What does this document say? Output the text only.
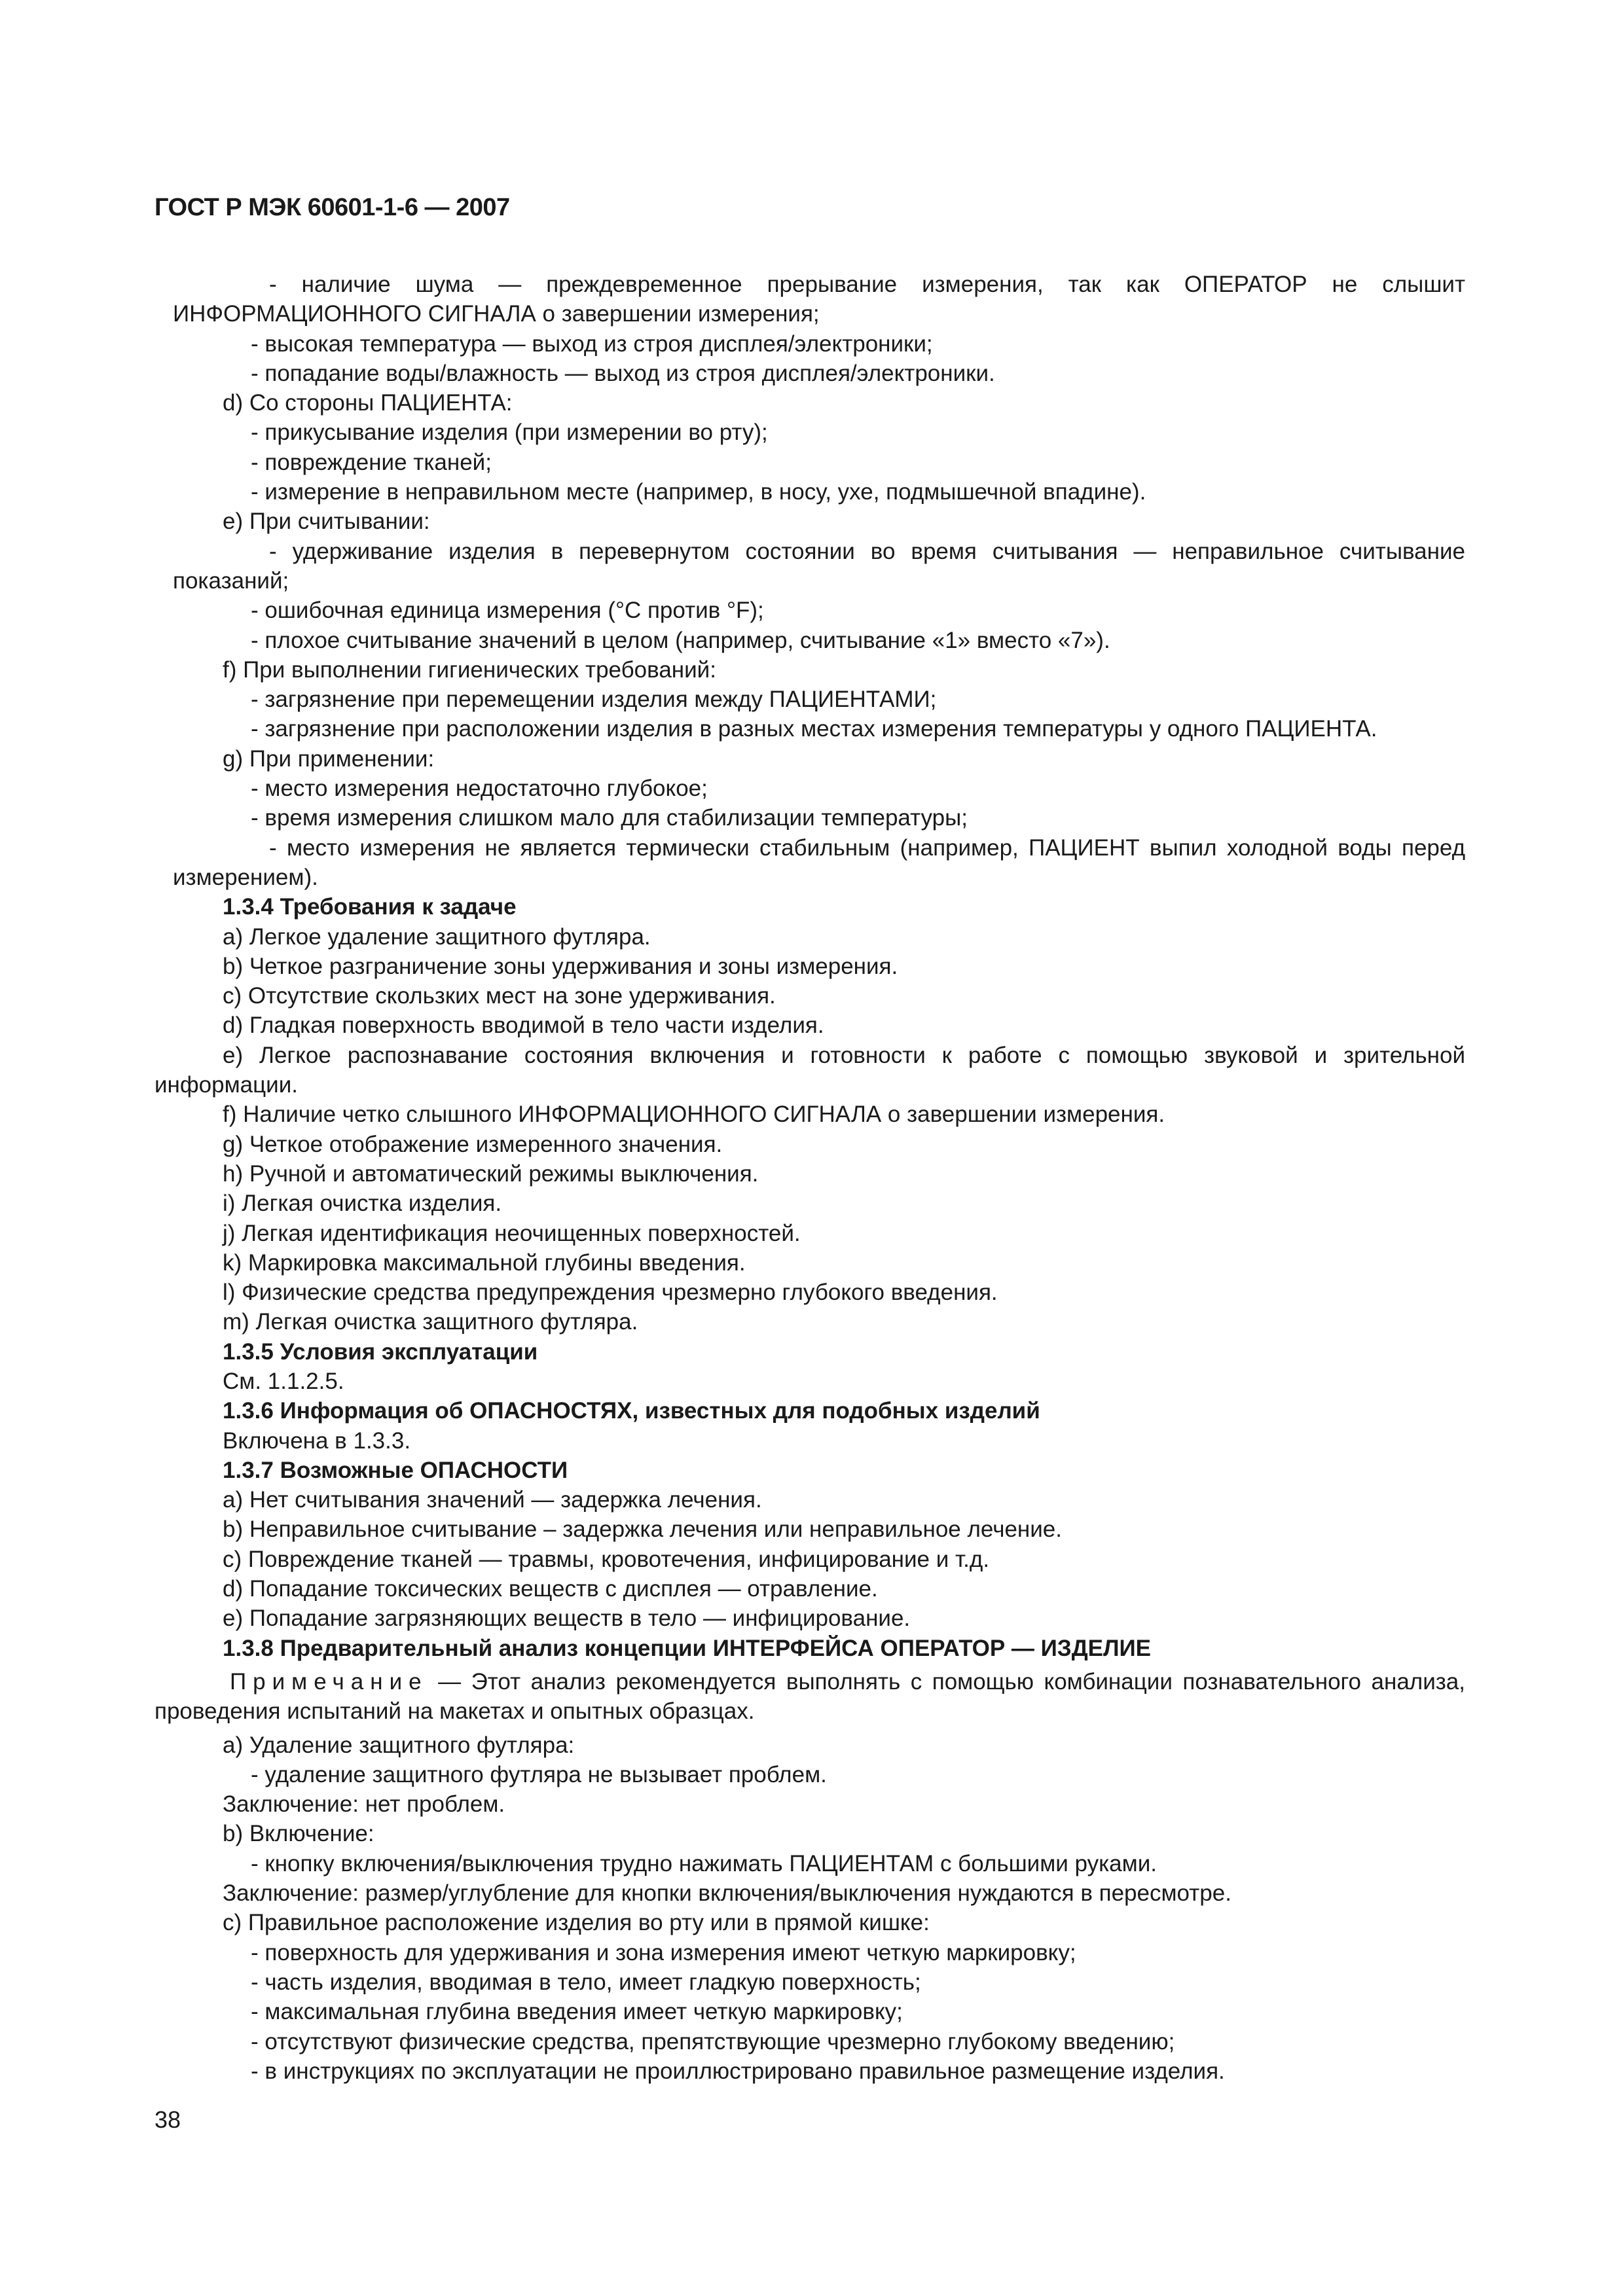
ГОСТ Р МЭК 60601-1-6 — 2007

- наличие шума — преждевременное прерывание измерения, так как ОПЕРАТОР не слышит ИНФОРМАЦИОННОГО СИГНАЛА о завершении измерения;

- высокая температура — выход из строя дисплея/электроники;

- попадание воды/влажность — выход из строя дисплея/электроники.

d) Со стороны ПАЦИЕНТА:

- прикусывание изделия (при измерении во рту);

- повреждение тканей;

- измерение в неправильном месте (например, в носу, ухе, подмышечной впадине).

е) При считывании:

- удерживание изделия в перевернутом состоянии во время считывания — неправильное считывание показаний;

- ошибочная единица измерения (°С против °F);

- плохое считывание значений в целом (например, считывание «1» вместо «7»).

f) При выполнении гигиенических требований:

- загрязнение при перемещении изделия между ПАЦИЕНТАМИ;

- загрязнение при расположении изделия в разных местах измерения температуры у одного ПАЦИЕНТА.

g) При применении:

- место измерения недостаточно глубокое;

- время измерения слишком мало для стабилизации температуры;

- место измерения не является термически стабильным (например, ПАЦИЕНТ выпил холодной воды перед измерением).

1.3.4 Требования к задаче

а) Легкое удаление защитного футляра.

b) Четкое разграничение зоны удерживания и зоны измерения.

с) Отсутствие скользких мест на зоне удерживания.

d) Гладкая поверхность вводимой в тело части изделия.

е) Легкое распознавание состояния включения и готовности к работе с помощью звуковой и зрительной информации.

f) Наличие четко слышного ИНФОРМАЦИОННОГО СИГНАЛА о завершении измерения.

g) Четкое отображение измеренного значения.

h) Ручной и автоматический режимы выключения.

i) Легкая очистка изделия.

j) Легкая идентификация неочищенных поверхностей.

k) Маркировка максимальной глубины введения.

l) Физические средства предупреждения чрезмерно глубокого введения.

m) Легкая очистка защитного футляра.

1.3.5 Условия эксплуатации

См. 1.1.2.5.

1.3.6 Информация об ОПАСНОСТЯХ, известных для подобных изделий

Включена в 1.3.3.

1.3.7 Возможные ОПАСНОСТИ

а) Нет считывания значений — задержка лечения.

b) Неправильное считывание – задержка лечения или неправильное лечение.

с) Повреждение тканей — травмы, кровотечения, инфицирование и т.д.

d) Попадание токсических веществ с дисплея — отравление.

е) Попадание загрязняющих веществ в тело — инфицирование.

1.3.8 Предварительный анализ концепции ИНТЕРФЕЙСА ОПЕРАТОР — ИЗДЕЛИЕ

Примечание — Этот анализ рекомендуется выполнять с помощью комбинации познавательного анализа, проведения испытаний на макетах и опытных образцах.

а) Удаление защитного футляра:

- удаление защитного футляра не вызывает проблем.

Заключение: нет проблем.

b) Включение:

- кнопку включения/выключения трудно нажимать ПАЦИЕНТАМ с большими руками.

Заключение: размер/углубление для кнопки включения/выключения нуждаются в пересмотре.

с) Правильное расположение изделия во рту или в прямой кишке:

- поверхность для удерживания и зона измерения имеют четкую маркировку;

- часть изделия, вводимая в тело, имеет гладкую поверхность;

- максимальная глубина введения имеет четкую маркировку;

- отсутствуют физические средства, препятствующие чрезмерно глубокому введению;

- в инструкциях по эксплуатации не проиллюстрировано правильное размещение изделия.

38
